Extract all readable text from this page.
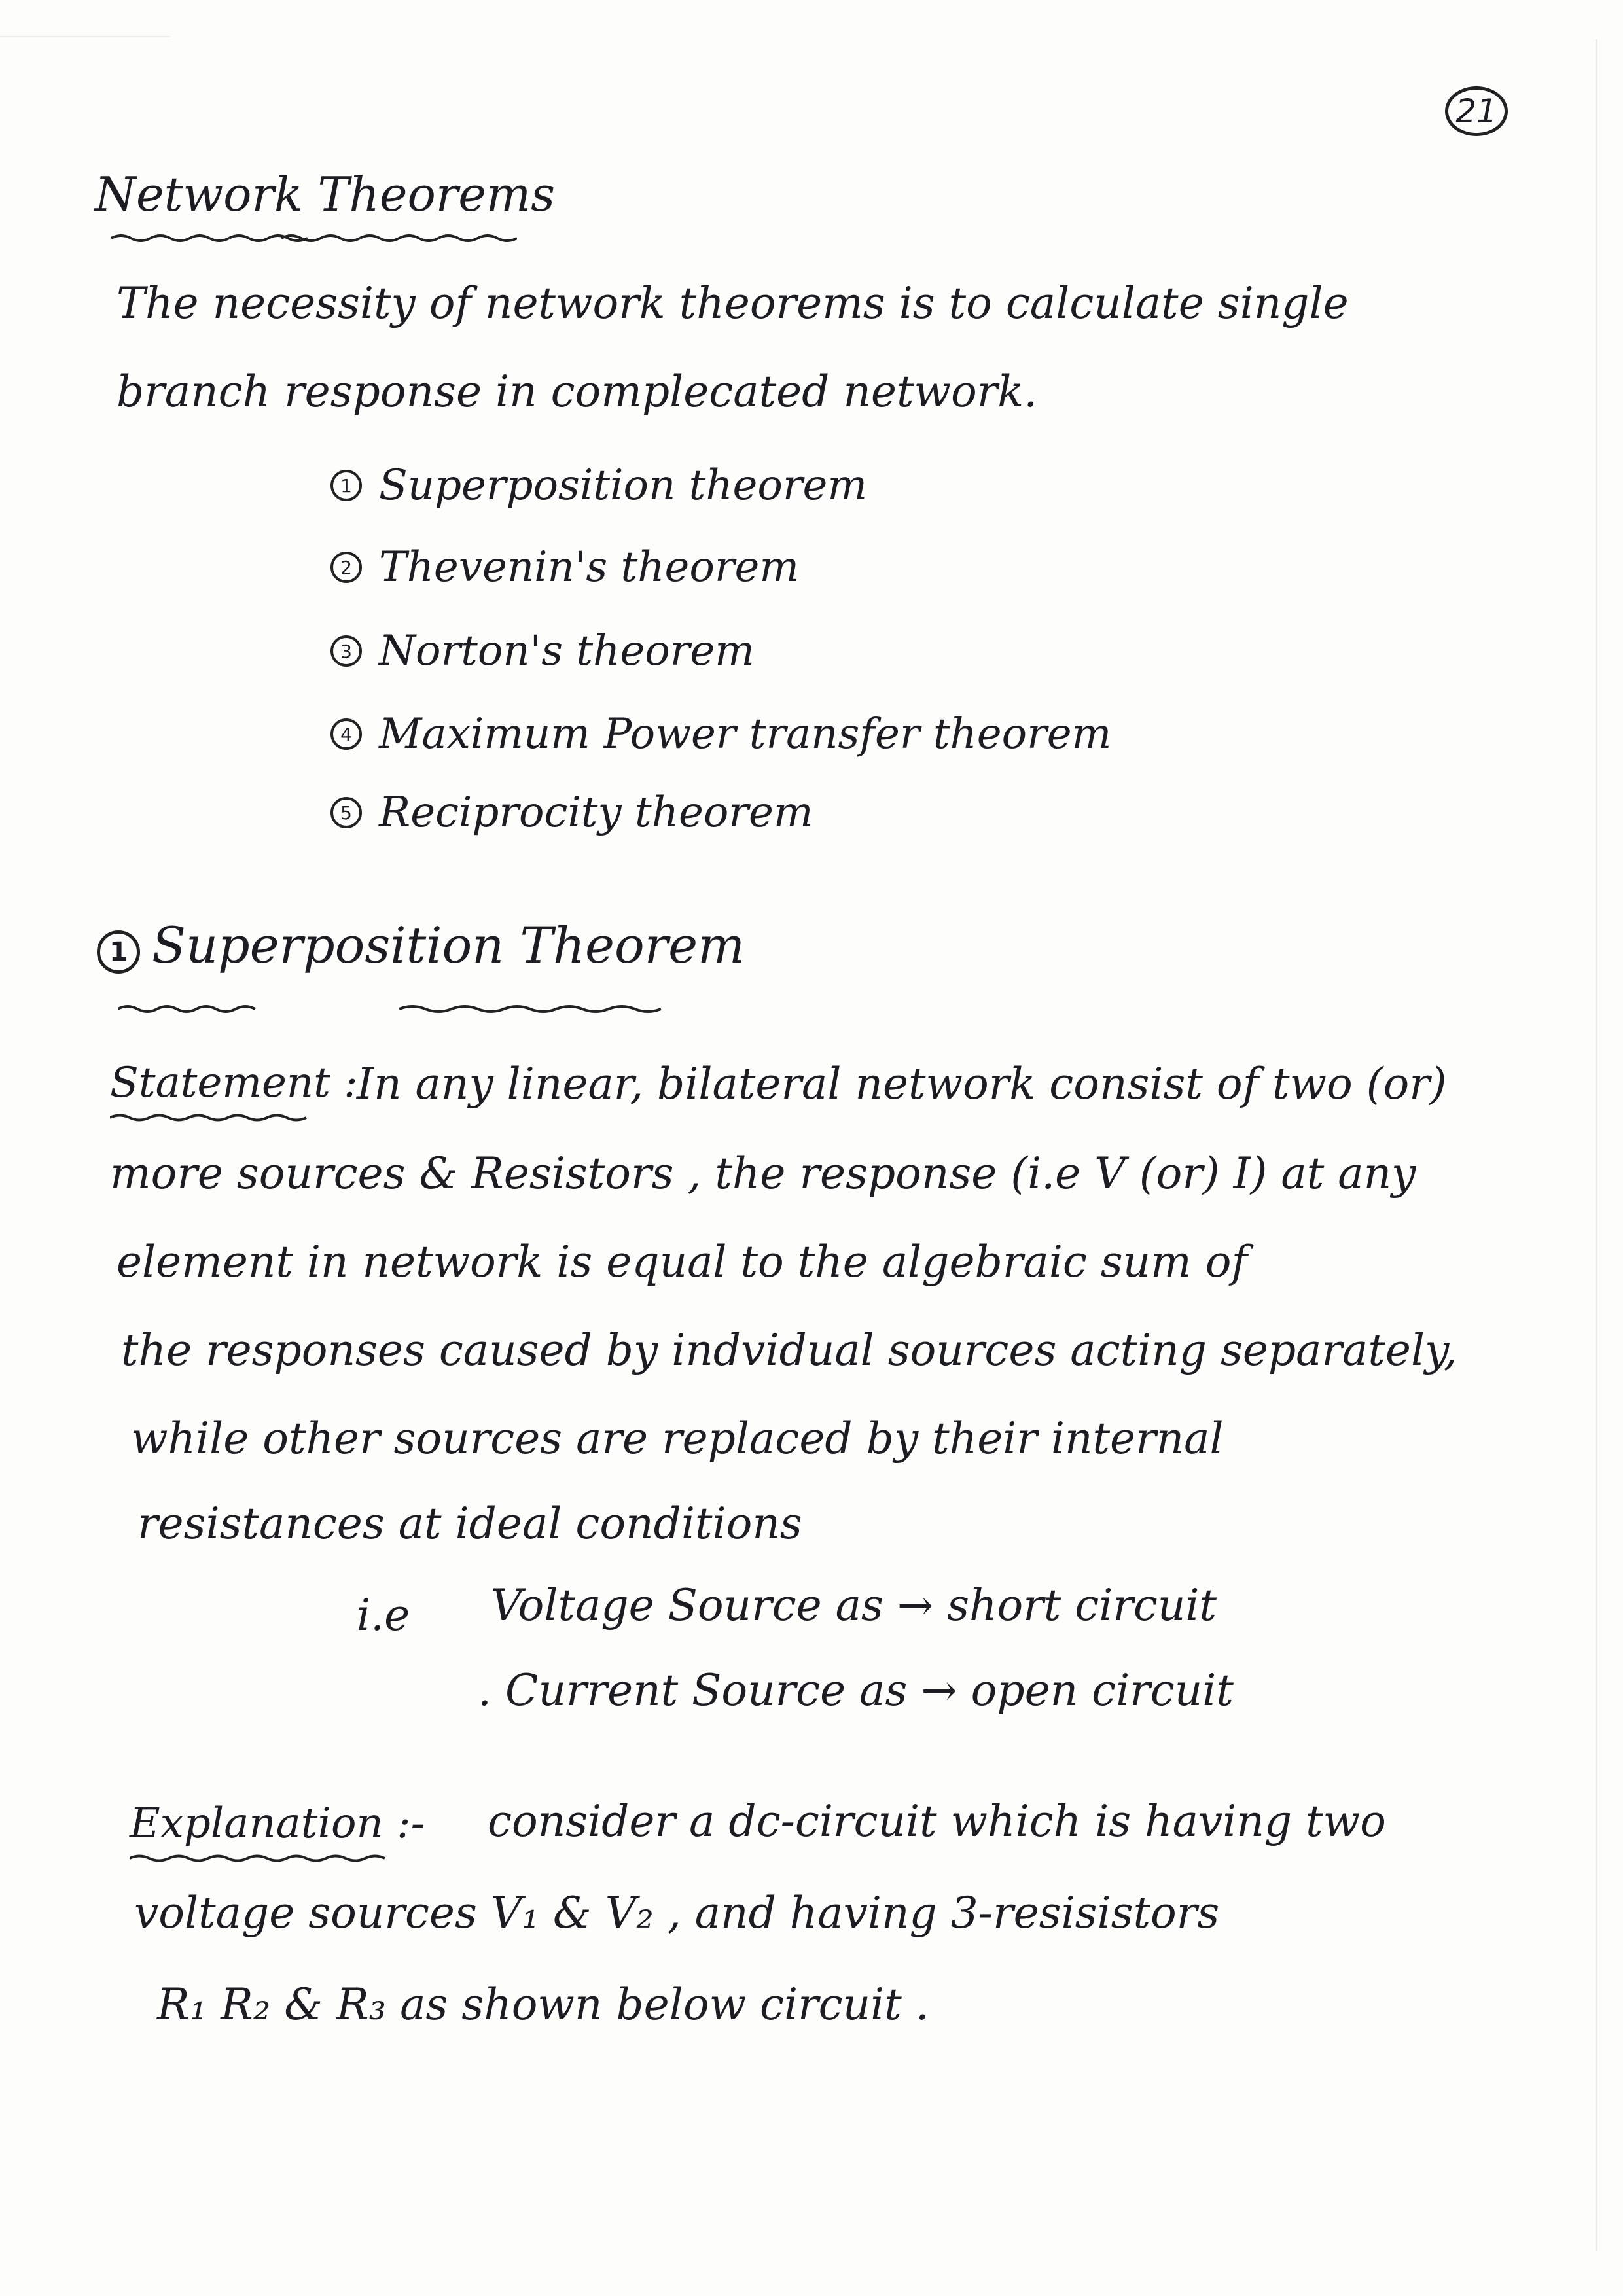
21
Network Theorems
The necessity of network theorems is to calculate single
branch response in complecated network.
1 Superposition theorem
2 Thevenin's theorem
3 Norton's theorem
4 Maximum Power transfer theorem
5 Reciprocity theorem
1 Superposition Theorem
Statement :
In any linear, bilateral network consist of two (or)
more sources & Resistors , the response (i.e V (or) I) at any
element in network is equal to the algebraic sum of
the responses caused by indvidual sources acting separately,
while other sources are replaced by their internal
resistances at ideal conditions
i.e Voltage Source as → short circuit
. Current Source as → open circuit
Explanation :- consider a dc-circuit which is having two
voltage sources V₁ & V₂ , and having 3-resisistors
R₁ R₂ & R₃ as shown below circuit .
